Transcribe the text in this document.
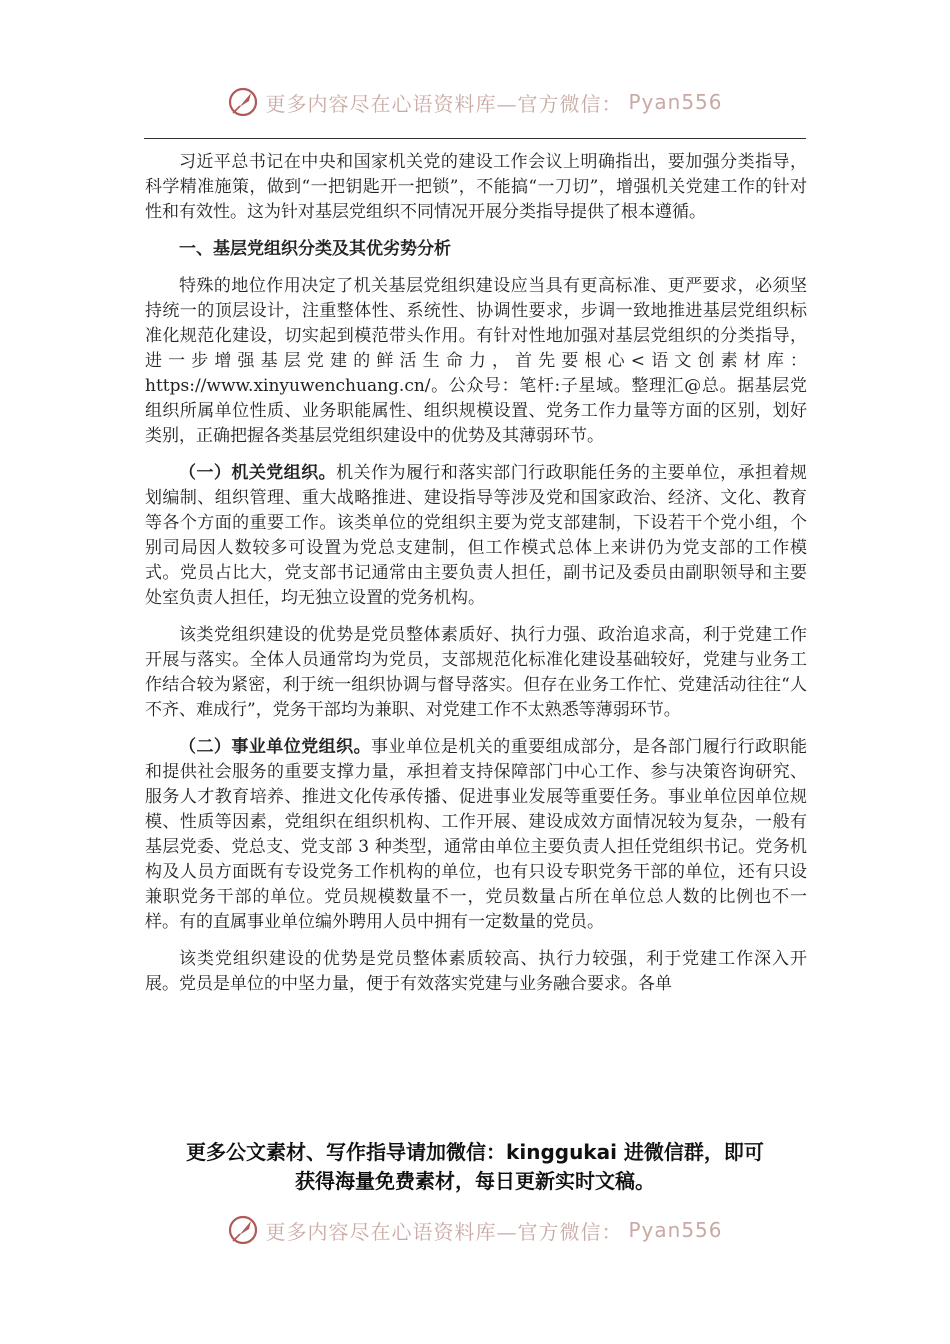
更多内容尽在心语资料库—官方微信： Pyan556

习近平总书记在中央和国家机关党的建设工作会议上明确指出，要加强分类指导，科学精准施策，做到“一把钥匙开一把锁”，不能搞“一刀切”，增强机关党建工作的针对性和有效性。这为针对基层党组织不同情况开展分类指导提供了根本遵循。

一、基层党组织分类及其优劣势分析

特殊的地位作用决定了机关基层党组织建设应当具有更高标准、更严要求，必须坚持统一的顶层设计，注重整体性、系统性、协调性要求，步调一致地推进基层党组织标准化规范化建设，切实起到模范带头作用。有针对性地加强对基层党组织的分类指导，进一步增强基层党建的鲜活生命力，首先要根心<语文创素材库：https://www.xinyuwenchuang.cn/。公众号：笔杆:子星域。整理汇@总。据基层党组织所属单位性质、业务职能属性、组织规模设置、党务工作力量等方面的区别，划好类别，正确把握各类基层党组织建设中的优势及其薄弱环节。

（一）机关党组织。机关作为履行和落实部门行政职能任务的主要单位，承担着规划编制、组织管理、重大战略推进、建设指导等涉及党和国家政治、经济、文化、教育等各个方面的重要工作。该类单位的党组织主要为党支部建制，下设若干个党小组，个别司局因人数较多可设置为党总支建制，但工作模式总体上来讲仍为党支部的工作模式。党员占比大，党支部书记通常由主要负责人担任，副书记及委员由副职领导和主要处室负责人担任，均无独立设置的党务机构。

该类党组织建设的优势是党员整体素质好、执行力强、政治追求高，利于党建工作开展与落实。全体人员通常均为党员，支部规范化标准化建设基础较好，党建与业务工作结合较为紧密，利于统一组织协调与督导落实。但存在业务工作忙、党建活动往往“人不齐、难成行”，党务干部均为兼职、对党建工作不太熟悉等薄弱环节。

（二）事业单位党组织。事业单位是机关的重要组成部分，是各部门履行行政职能和提供社会服务的重要支撑力量，承担着支持保障部门中心工作、参与决策咨询研究、服务人才教育培养、推进文化传承传播、促进事业发展等重要任务。事业单位因单位规模、性质等因素，党组织在组织机构、工作开展、建设成效方面情况较为复杂，一般有基层党委、党总支、党支部 3 种类型，通常由单位主要负责人担任党组织书记。党务机构及人员方面既有专设党务工作机构的单位，也有只设专职党务干部的单位，还有只设兼职党务干部的单位。党员规模数量不一，党员数量占所在单位总人数的比例也不一样。有的直属事业单位编外聘用人员中拥有一定数量的党员。

该类党组织建设的优势是党员整体素质较高、执行力较强，利于党建工作深入开展。党员是单位的中坚力量，便于有效落实党建与业务融合要求。各单

更多公文素材、写作指导请加微信：kinggukai 进微信群，即可
获得海量免费素材，每日更新实时文稿。
更多内容尽在心语资料库—官方微信： Pyan556
